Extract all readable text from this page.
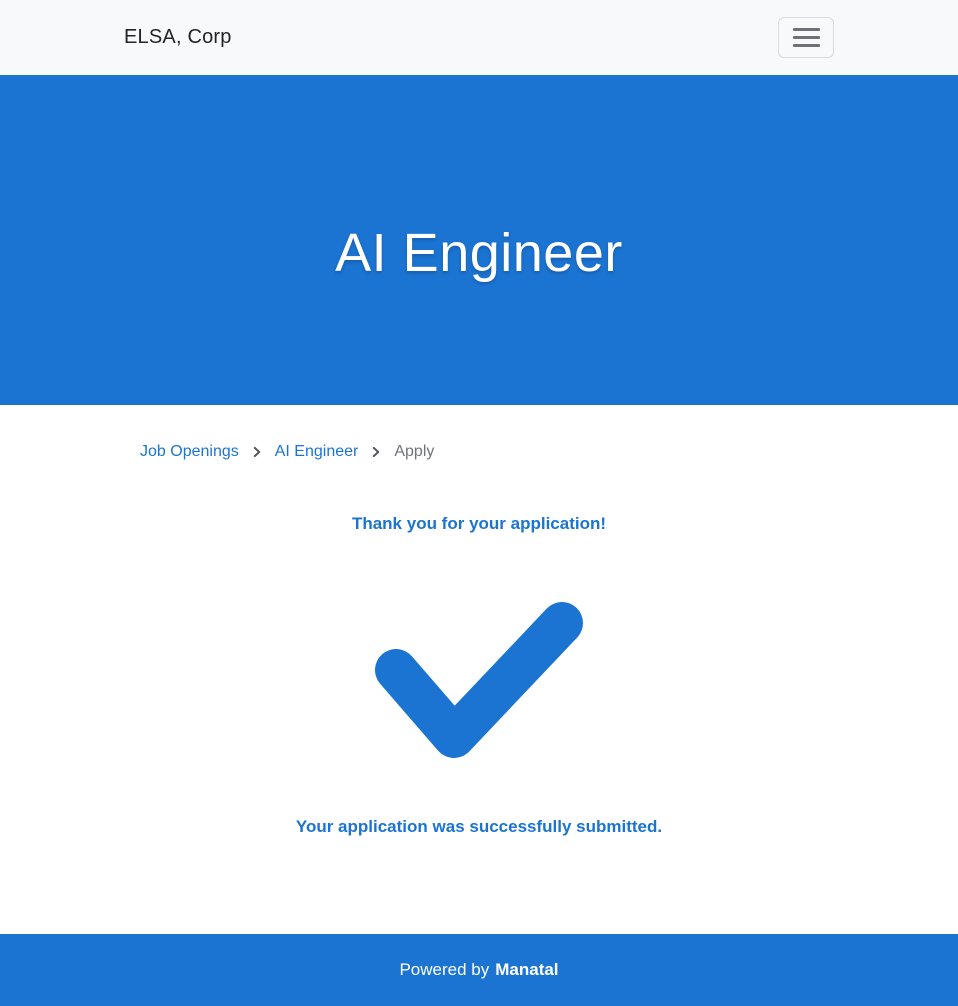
ELSA, Corp
AI Engineer
Job Openings AI Engineer Apply
Thank you for your application!

Your application was successfully submitted.

Powered by Manatal
